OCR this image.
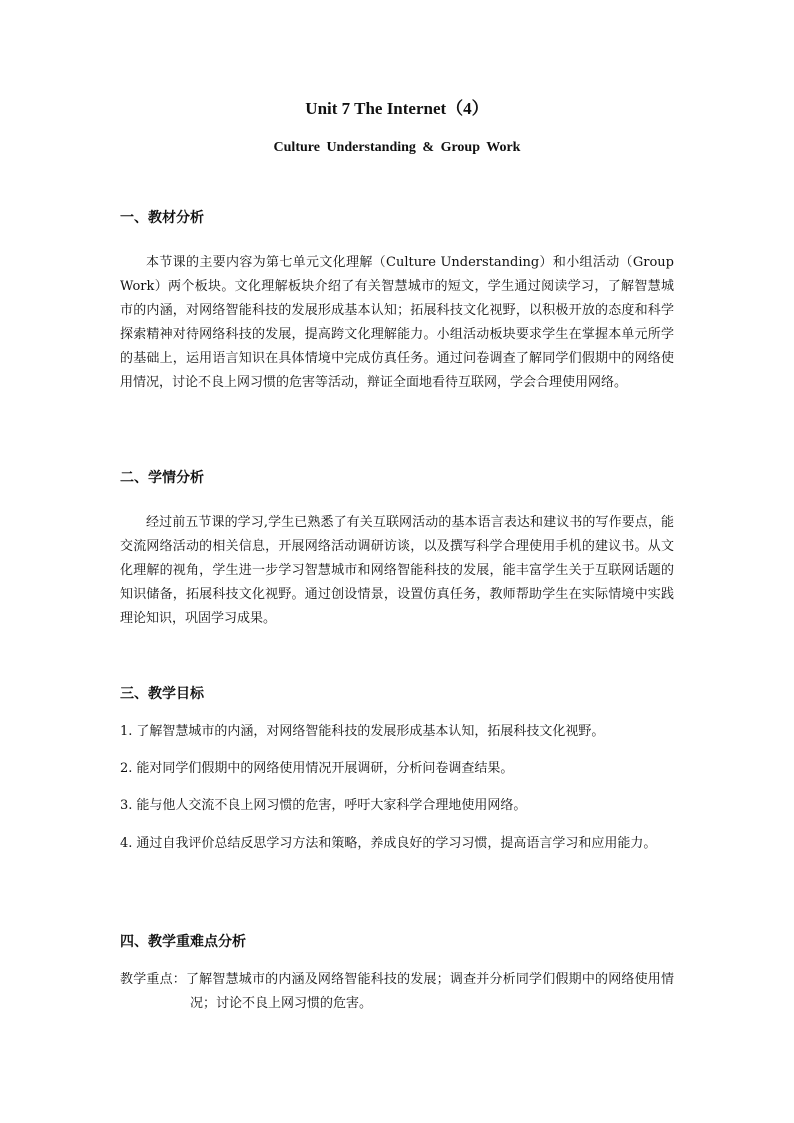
Unit 7 The Internet（4）
Culture Understanding & Group Work
一、教材分析
本节课的主要内容为第七单元文化理解（Culture Understanding）和小组活动（Group Work）两个板块。文化理解板块介绍了有关智慧城市的短文，学生通过阅读学习，了解智慧城市的内涵，对网络智能科技的发展形成基本认知；拓展科技文化视野，以积极开放的态度和科学探索精神对待网络科技的发展，提高跨文化理解能力。小组活动板块要求学生在掌握本单元所学的基础上，运用语言知识在具体情境中完成仿真任务。通过问卷调查了解同学们假期中的网络使用情况，讨论不良上网习惯的危害等活动，辩证全面地看待互联网，学会合理使用网络。
二、学情分析
经过前五节课的学习,学生已熟悉了有关互联网活动的基本语言表达和建议书的写作要点，能交流网络活动的相关信息，开展网络活动调研访谈，以及撰写科学合理使用手机的建议书。从文化理解的视角，学生进一步学习智慧城市和网络智能科技的发展，能丰富学生关于互联网话题的知识储备，拓展科技文化视野。通过创设情景，设置仿真任务，教师帮助学生在实际情境中实践理论知识，巩固学习成果。
三、教学目标
1. 了解智慧城市的内涵，对网络智能科技的发展形成基本认知，拓展科技文化视野。
2. 能对同学们假期中的网络使用情况开展调研，分析问卷调查结果。
3. 能与他人交流不良上网习惯的危害，呼吁大家科学合理地使用网络。
4. 通过自我评价总结反思学习方法和策略，养成良好的学习习惯，提高语言学习和应用能力。
四、教学重难点分析
教学重点：了解智慧城市的内涵及网络智能科技的发展；调查并分析同学们假期中的网络使用情况；讨论不良上网习惯的危害。
